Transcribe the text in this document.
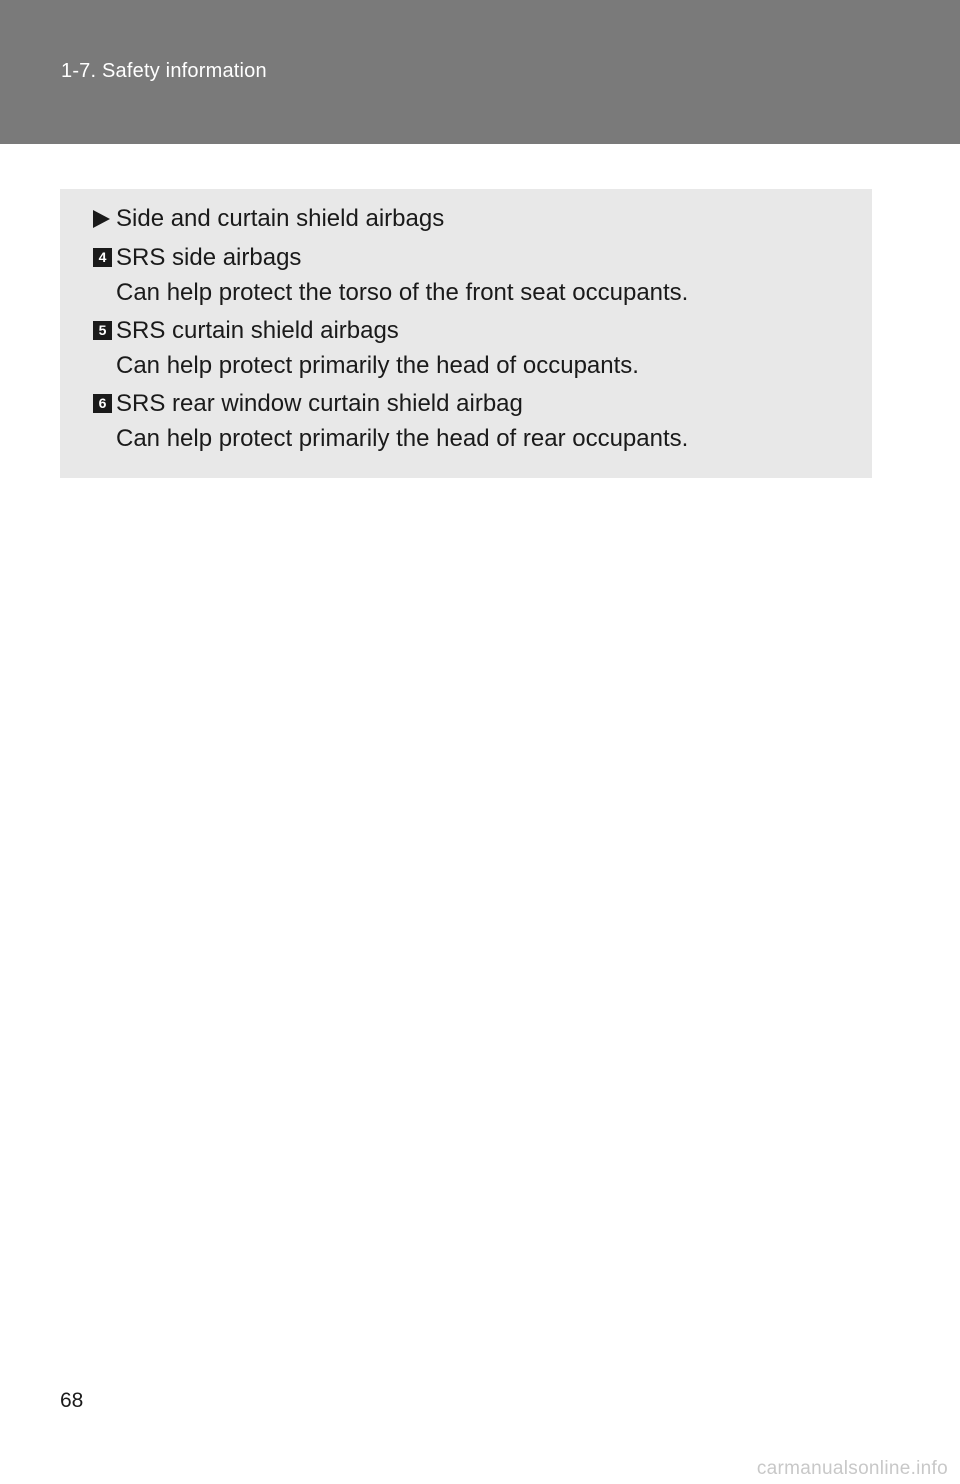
1-7. Safety information
Side and curtain shield airbags
4 SRS side airbags
Can help protect the torso of the front seat occupants.
5 SRS curtain shield airbags
Can help protect primarily the head of occupants.
6 SRS rear window curtain shield airbag
Can help protect primarily the head of rear occupants.
68
carmanualsonline.info
